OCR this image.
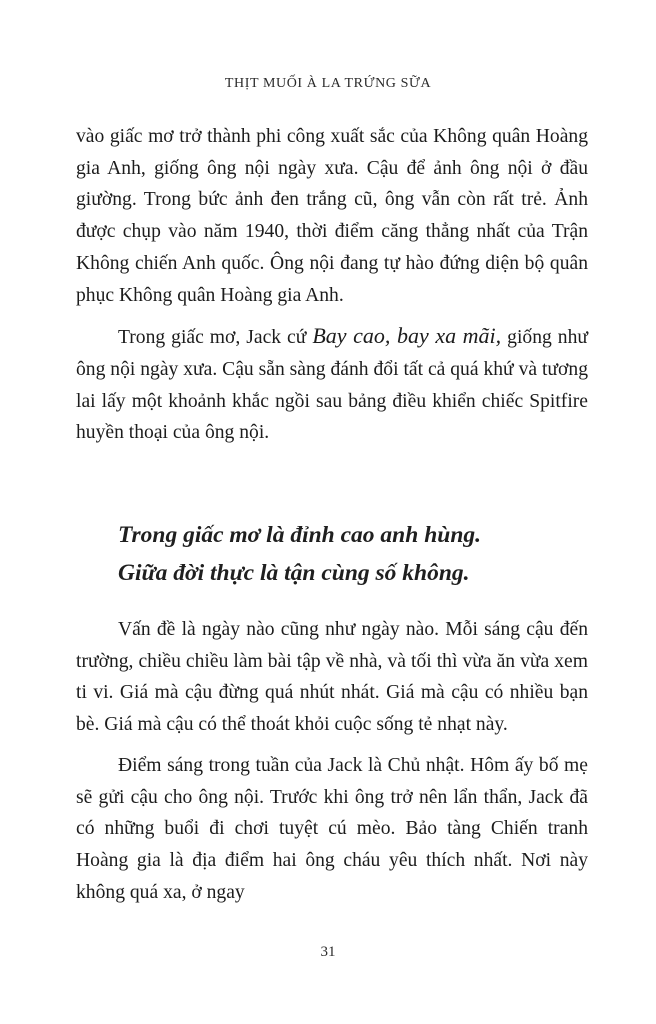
THỊT MUỐI À LA TRỨNG SỮA

vào giấc mơ trở thành phi công xuất sắc của Không quân Hoàng gia Anh, giống ông nội ngày xưa. Cậu để ảnh ông nội ở đầu giường. Trong bức ảnh đen trắng cũ, ông vẫn còn rất trẻ. Ảnh được chụp vào năm 1940, thời điểm căng thẳng nhất của Trận Không chiến Anh quốc. Ông nội đang tự hào đứng diện bộ quân phục Không quân Hoàng gia Anh.

Trong giấc mơ, Jack cứ Bay cao, bay xa mãi, giống như ông nội ngày xưa. Cậu sẵn sàng đánh đổi tất cả quá khứ và tương lai lấy một khoảnh khắc ngồi sau bảng điều khiển chiếc Spitfire huyền thoại của ông nội.

Trong giấc mơ là đỉnh cao anh hùng.
Giữa đời thực là tận cùng số không.

Vấn đề là ngày nào cũng như ngày nào. Mỗi sáng cậu đến trường, chiều chiều làm bài tập về nhà, và tối thì vừa ăn vừa xem ti vi. Giá mà cậu đừng quá nhút nhát. Giá mà cậu có nhiều bạn bè. Giá mà cậu có thể thoát khỏi cuộc sống tẻ nhạt này.

Điểm sáng trong tuần của Jack là Chủ nhật. Hôm ấy bố mẹ sẽ gửi cậu cho ông nội. Trước khi ông trở nên lẩn thẩn, Jack đã có những buổi đi chơi tuyệt cú mèo. Bảo tàng Chiến tranh Hoàng gia là địa điểm hai ông cháu yêu thích nhất. Nơi này không quá xa, ở ngay

31
